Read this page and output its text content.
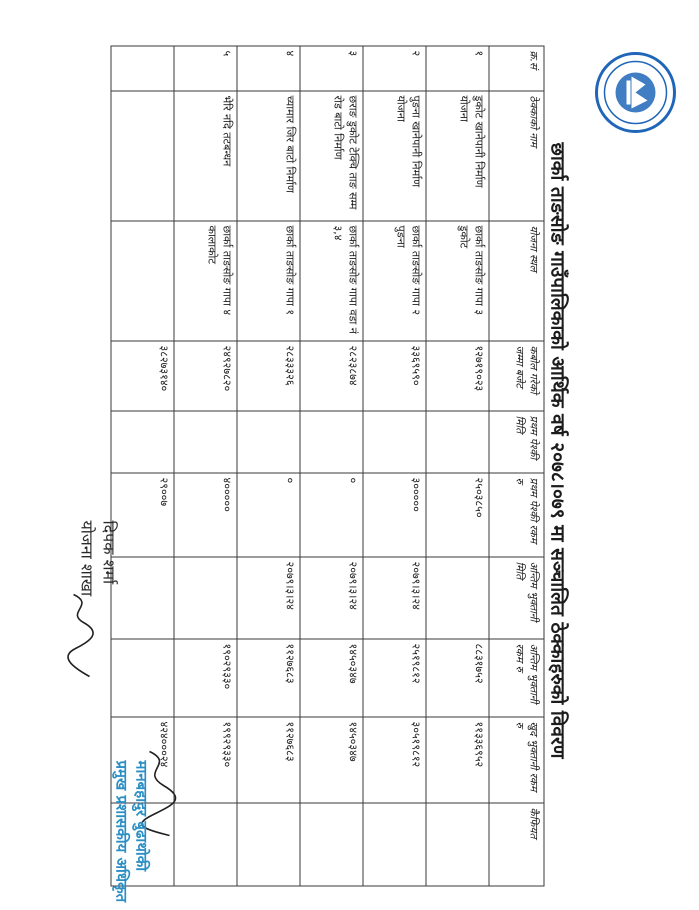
छार्का ताङसोङ गाउँपालिकाको आर्थिक वर्ष २०७८।०७९ मा सञ्चालित ठेक्काहरुको विवरण
क्र.सं	ठेक्काको नाम	योजना स्थल	कबोल गरेको जम्मा बजेट	प्रथम पेश्की मिति	प्रथम पेश्की रकम रु	अन्तिम भुक्तानी मिति	अन्तिम भुक्तानी रकम रु	खुद भुक्तानी रकम रु	कैफियत
१	डुकोट खानेपानी निर्माण योजना	छार्का ताङसोङ गापा ३ डुकोट	१२७१९०२३		२५०३८५०		८८३१७५२	११३३६९५२	
२	पुङना खानेपानी निर्माण योजना	छार्का ताङसोङ गापा २ पुङना	३३६९५९०		३०००००	२०७९।३।२४	२५१९८१२	३०५१९८१२	
३	छराङ डुकोट टेक्चि ताङ सम्म रोड बाटो निर्माण	छार्का ताङसोङ गापा वडा नं ३,४	२८२३८७४		०	२०७९।३।२४	१४५०३४७	१४५०३४७	
४	च्यामार जिर बाटो निर्माण	छार्का ताङसोङ गापा १	२८३३३२६		०	२०७९।३।२४	११२७६८३	११२७६८३	
५	भेरि नदि तटबन्धन	छार्का ताङसोङ गापा ४ कालाकोट	२४९२७८२०		४०००००		१९०२९३३०	१९९२९३३०	
			३८२७३१४०		२९००७			४२४०००२४	
दिपक शर्मा
योजना शाखा
मानबहादुर बुढाथोकी
प्रमुख प्रशासकीय अधिकृत
